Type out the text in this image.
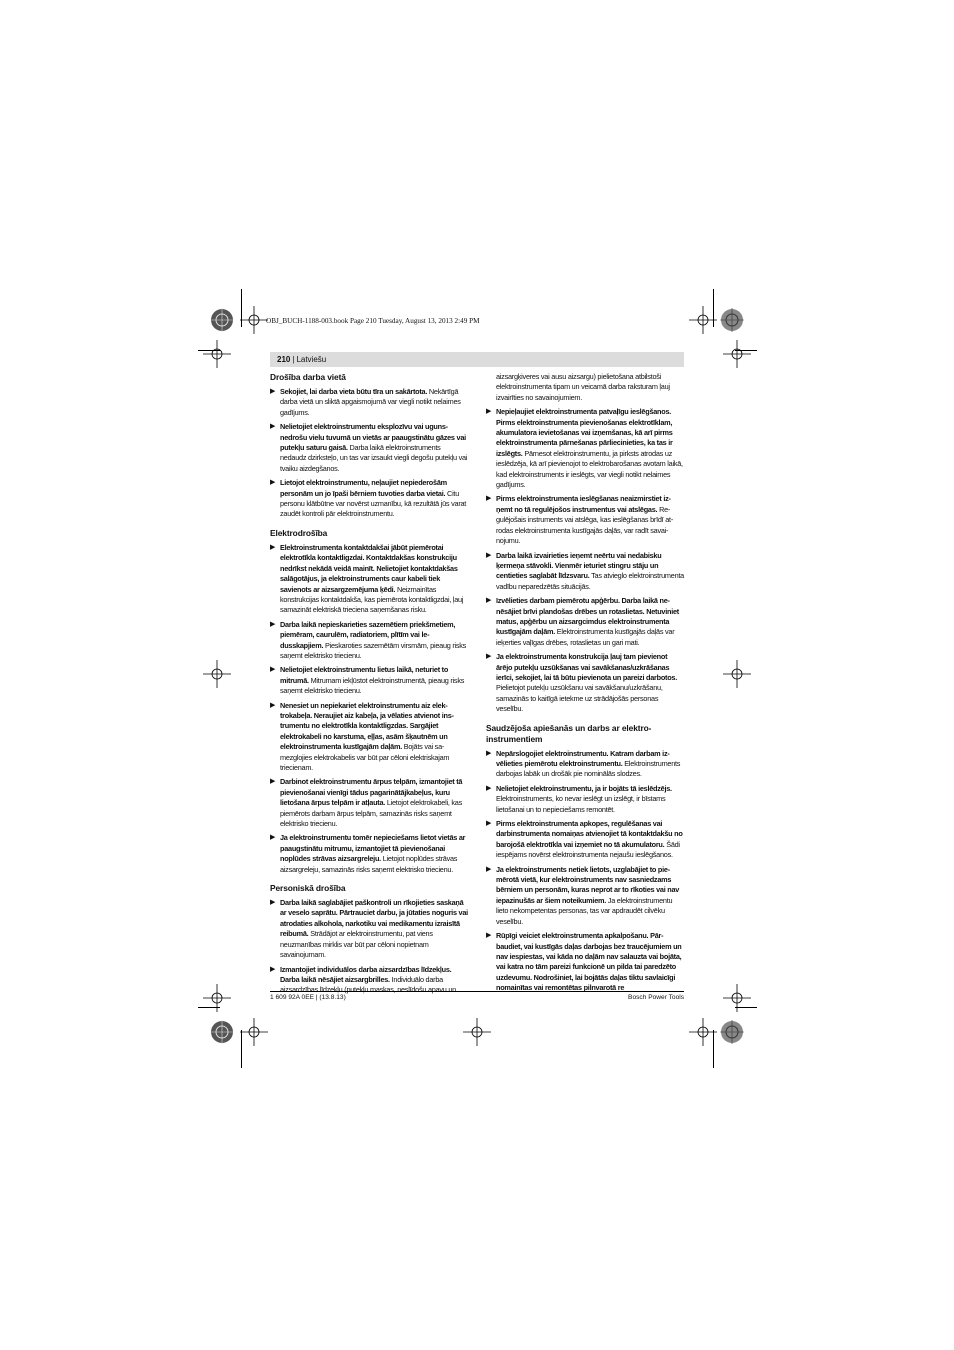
OBJ_BUCH-1188-003.book Page 210 Tuesday, August 13, 2013 2:49 PM
210 | Latviešu
Drošība darba vietā
▶ Sekojiet, lai darba vieta būtu tīra un sakārtota. Nekārtīgā darba vietā un sliktā apgaismojumā var viegli notikt nelaimes gadījums.
▶ Nelietojiet elektroinstrumentu eksplozīvu vai ugunsnedrošu vielu tuvumā un vietās ar paaugstinātu gāzes vai putekļu saturu gaisā. Darba laikā elektroinstruments nedaudz dzirksteļo, un tas var izsaukt viegli degošu putekļu vai tvaiku aizdegšanos.
▶ Lietojot elektroinstrumentu, neļaujiet nepiederošām personām un jo īpaši bērniem tuvoties darba vietai. Citu personu klātbūtne var novērst uzmanību, kā rezultātā jūs varat zaudēt kontroli pār elektroinstrumentu.
Elektrodrošība
▶ Elektroinstrumenta kontaktdakšai jābūt piemērotai elektrotīkla kontaktligzdai. Kontaktdakšas konstrukciju nedrīkst nekādā veidā mainīt. Nelietojiet kontaktdakšas salāgotājus, ja elektroinstruments caur kabeli tiek savienots ar aizsargzemējuma ķēdi. Neizmainītas konstrukcijas kontaktdakša, kas piemērota kontaktligzdai, ļauj samazināt elektriskā trieciena saņemšanas risku.
▶ Darba laikā nepieskarieties sazemētiem priekšmetiem, piemēram, caurulēm, radiatoriem, plītīm vai ledusskapjiem. Pieskaroties sazemētām virsmām, pieaug risks saņemt elektrisko triecienu.
▶ Nelietojiet elektroinstrumentu lietus laikā, neturiet to mitrumā. Mitrumam iekļūstot elektroinstrumentā, pieaug risks saņemt elektrisko triecienu.
▶ Nenesiet un nepiekariet elektroinstrumentu aiz elektrokabeļa. Neraujiet aiz kabeļa, ja vēlaties atvienot instrumentu no elektrotīkla kontaktligzdas. Sargājiet elektrokabeli no karstuma, eļļas, asām šķautnēm un elektroinstrumenta kustīgajām daļām. Bojāts vai samezglojies elektrokabelis var būt par cēloni elektriskajam triecienam.
▶ Darbinot elektroinstrumentu ārpus telpām, izmantojiet tā pievienošanai vienīgi tādus pagarinātājkabeļus, kuru lietošana ārpus telpām ir atļauta. Lietojot elektrokabeli, kas piemērots darbam ārpus telpām, samazinās risks saņemt elektrisko triecienu.
▶ Ja elektroinstrumentu tomēr nepieciešams lietot vietās ar paaugstinātu mitrumu, izmantojiet tā pievienošanai noplūdes strāvas aizsargreleju. Lietojot noplūdes strāvas aizsargreleju, samazinās risks saņemt elektrisko triecienu.
Personiskā drošība
▶ Darba laikā saglabājiet paškontroli un rīkojieties saskaņā ar veselo saprātu. Pārtrauciet darbu, ja jūtaties noguris vai atrodaties alkohola, narkotiku vai medikamentu izraisītā reibumā. Strādājot ar elektroinstrumentu, pat viens neuzmanības mirklis var būt par cēloni nopietnam savainojumam.
▶ Izmantojiet individuālos darba aizsardzības līdzekļus. Darba laikā nēsājiet aizsargbrilles. Individuālo darba aizsardzības līdzekļu (putekļu maskas, neslīdošu apavu un
aizsargķiveres vai ausu aizsargu) pielietošana atbilstoši elektroinstrumenta tipam un veicamā darba raksturam ļauj izvairīties no savainojumiem.
▶ Nepieļaujiet elektroinstrumenta patvaļīgu ieslēgšanos. Pirms elektroinstrumenta pievienošanas elektrotīklam, akumulatora ievietošanas vai izņemšanas, kā arī pirms elektroinstrumenta pārnešanas pārliecinieties, ka tas ir izslēgts. Pārnesot elektroinstrumentu, ja pirksts atrodas uz ieslēdzēja, kā arī pievienojot to elektrobarošanas avotam laikā, kad elektroinstruments ir ieslēgts, var viegli notikt nelaimes gadījums.
▶ Pirms elektroinstrumenta ieslēgšanas neaizmirstiet izņemt no tā regulējošos instrumentus vai atslēgas. Regulējošais instruments vai atslēga, kas ieslēgšanas brīdī atrodas elektroinstrumenta kustīgajās daļās, var radīt savainojumu.
▶ Darba laikā izvairieties ieņemt neērtu vai nedabisku ķermeņa stāvokli. Vienmēr ieturiet stingru stāju un centieties saglabāt līdzsvaru. Tas atvieglo elektroinstrumenta vadību neparedzētās situācijās.
▶ Izvēlieties darbam piemērotu apģērbu. Darba laikā nenēsājiet brīvi plandošas drēbes un rotaslietas. Netuviniet matus, apģērbu un aizsargcimdus elektroinstrumenta kustīgajām daļām. Elektroinstrumenta kustīgajās daļās var ieķerties vaļīgas drēbes, rotaslietas un gari mati.
▶ Ja elektroinstrumenta konstrukcija ļauj tam pievienot ārējo putekļu uzsūkšanas vai savākšanas/uzkrāšanas ierīci, sekojiet, lai tā būtu pievienota un pareizi darbotos. Pielietojot putekļu uzsūkšanu vai savākšanu/uzkrāšanu, samazinās to kaitīgā ietekme uz strādājošās personas veselību.
Saudzējoša apiešanās un darbs ar elektroinstrumentiem
▶ Nepārslogojiet elektroinstrumentu. Katram darbam izvēlieties piemērotu elektroinstrumentu. Elektroinstruments darbojas labāk un drošāk pie nominālās slodzes.
▶ Nelietojiet elektroinstrumentu, ja ir bojāts tā ieslēdzējs. Elektroinstruments, ko nevar ieslēgt un izslēgt, ir bīstams lietošanai un to nepieciešams remontēt.
▶ Pirms elektroinstrumenta apkopes, regulēšanas vai darbinstrumenta nomaiņas atvienojiet tā kontaktdakšu no barojošā elektrotīkla vai izņemiet no tā akumulatoru. Šādi iespējams novērst elektroinstrumenta nejaušu ieslēgšanos.
▶ Ja elektroinstruments netiek lietots, uzglabājiet to piemērotā vietā, kur elektroinstruments nav sasniedzams bērniem un personām, kuras neprot ar to rīkoties vai nav iepazinušās ar šiem noteikumiem. Ja elektroinstrumentu lieto nekompetentas personas, tas var apdraudēt cilvēku veselību.
▶ Rūpīgi veiciet elektroinstrumenta apkalpošanu. Pārbaudiet, vai kustīgās daļas darbojas bez traucējumiem un nav iespiestas, vai kāda no daļām nav salauzta vai bojāta, vai katra no tām pareizi funkcionē un pilda tai paredzēto uzdevumu. Nodrošiniet, lai bojātās daļas tiktu savlaicīgi nomainītas vai remontētas pilnvarotā re
1 609 92A 0EE | (13.8.13)	Bosch Power Tools
